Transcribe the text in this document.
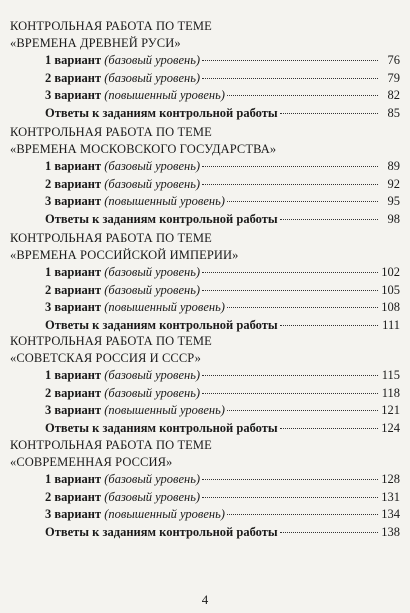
КОНТРОЛЬНАЯ РАБОТА ПО ТЕМЕ
«ВРЕМЕНА ДРЕВНЕЙ РУСИ»
1 вариант (базовый уровень)	76
2 вариант (базовый уровень)	79
3 вариант (повышенный уровень)	82
Ответы к заданиям контрольной работы	85
КОНТРОЛЬНАЯ РАБОТА ПО ТЕМЕ
«ВРЕМЕНА МОСКОВСКОГО ГОСУДАРСТВА»
1 вариант (базовый уровень)	89
2 вариант (базовый уровень)	92
3 вариант (повышенный уровень)	95
Ответы к заданиям контрольной работы	98
КОНТРОЛЬНАЯ РАБОТА ПО ТЕМЕ
«ВРЕМЕНА РОССИЙСКОЙ ИМПЕРИИ»
1 вариант (базовый уровень)	102
2 вариант (базовый уровень)	105
3 вариант (повышенный уровень)	108
Ответы к заданиям контрольной работы	111
КОНТРОЛЬНАЯ РАБОТА ПО ТЕМЕ
«СОВЕТСКАЯ РОССИЯ И СССР»
1 вариант (базовый уровень)	115
2 вариант (базовый уровень)	118
3 вариант (повышенный уровень)	121
Ответы к заданиям контрольной работы	124
КОНТРОЛЬНАЯ РАБОТА ПО ТЕМЕ
«СОВРЕМЕННАЯ РОССИЯ»
1 вариант (базовый уровень)	128
2 вариант (базовый уровень)	131
3 вариант (повышенный уровень)	134
Ответы к заданиям контрольной работы	138
4
